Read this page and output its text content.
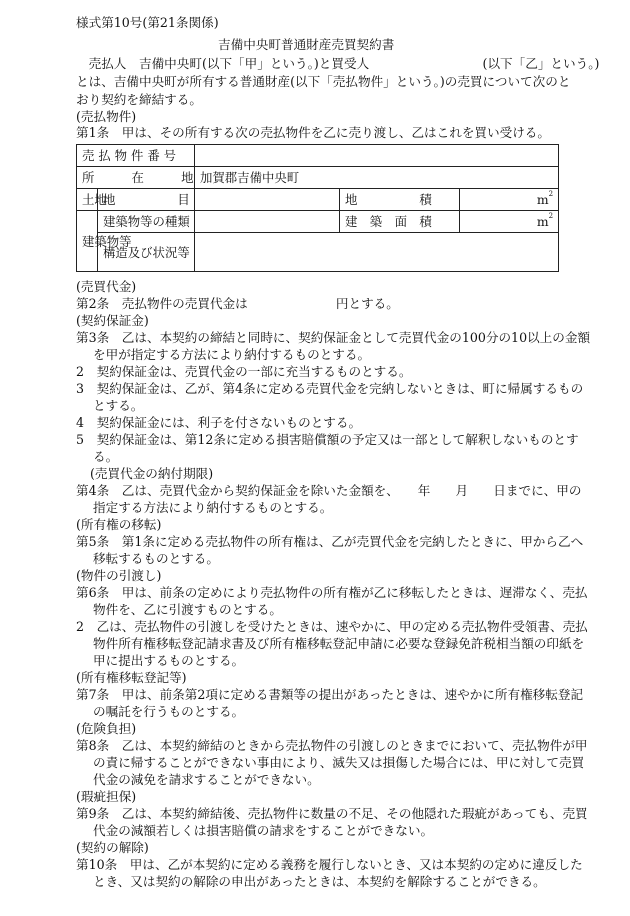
様式第10号(第21条関係)
吉備中央町普通財産売買契約書
　売払人　吉備中央町(以下「甲」という。)と買受人　　　　　　　　　(以下「乙」という。)
とは、吉備中央町が所有する普通財産(以下「売払物件」という。)の売買について次のと
おり契約を締結する。
(売払物件)
第1条　甲は、その所有する次の売払物件を乙に売り渡し、乙はこれを買い受ける。
売 払 物 件 番 号				
所　　　在　　　地		加賀郡吉備中央町		
土地	地　　　　　目		地　　　　　積	$m^2$
建築物等	建築物等の種類		建　築　面　積	$m^2$
	構造及び状況等			
(売買代金)
第2条　売払物件の売買代金は　　　　　　　円とする。
(契約保証金)
第3条　乙は、本契約の締結と同時に、契約保証金として売買代金の100分の10以上の金額
を甲が指定する方法により納付するものとする。
2　契約保証金は、売買代金の一部に充当するものとする。
3　契約保証金は、乙が、第4条に定める売買代金を完納しないときは、町に帰属するもの
とする。
4　契約保証金には、利子を付さないものとする。
5　契約保証金は、第12条に定める損害賠償額の予定又は一部として解釈しないものとす
る。
(売買代金の納付期限)
第4条　乙は、売買代金から契約保証金を除いた金額を、　　年　　月　　日までに、甲の
指定する方法により納付するものとする。
(所有権の移転)
第5条　第1条に定める売払物件の所有権は、乙が売買代金を完納したときに、甲から乙へ
移転するものとする。
(物件の引渡し)
第6条　甲は、前条の定めにより売払物件の所有権が乙に移転したときは、遅滞なく、売払
物件を、乙に引渡すものとする。
2　乙は、売払物件の引渡しを受けたときは、速やかに、甲の定める売払物件受領書、売払
物件所有権移転登記請求書及び所有権移転登記申請に必要な登録免許税相当額の印紙を
甲に提出するものとする。
(所有権移転登記等)
第7条　甲は、前条第2項に定める書類等の提出があったときは、速やかに所有権移転登記
の嘱託を行うものとする。
(危険負担)
第8条　乙は、本契約締結のときから売払物件の引渡しのときまでにおいて、売払物件が甲
の責に帰することができない事由により、滅失又は損傷した場合には、甲に対して売買
代金の減免を請求することができない。
(瑕疵担保)
第9条　乙は、本契約締結後、売払物件に数量の不足、その他隠れた瑕疵があっても、売買
代金の減額若しくは損害賠償の請求をすることができない。
(契約の解除)
第10条　甲は、乙が本契約に定める義務を履行しないとき、又は本契約の定めに違反した
とき、又は契約の解除の申出があったときは、本契約を解除することができる。
